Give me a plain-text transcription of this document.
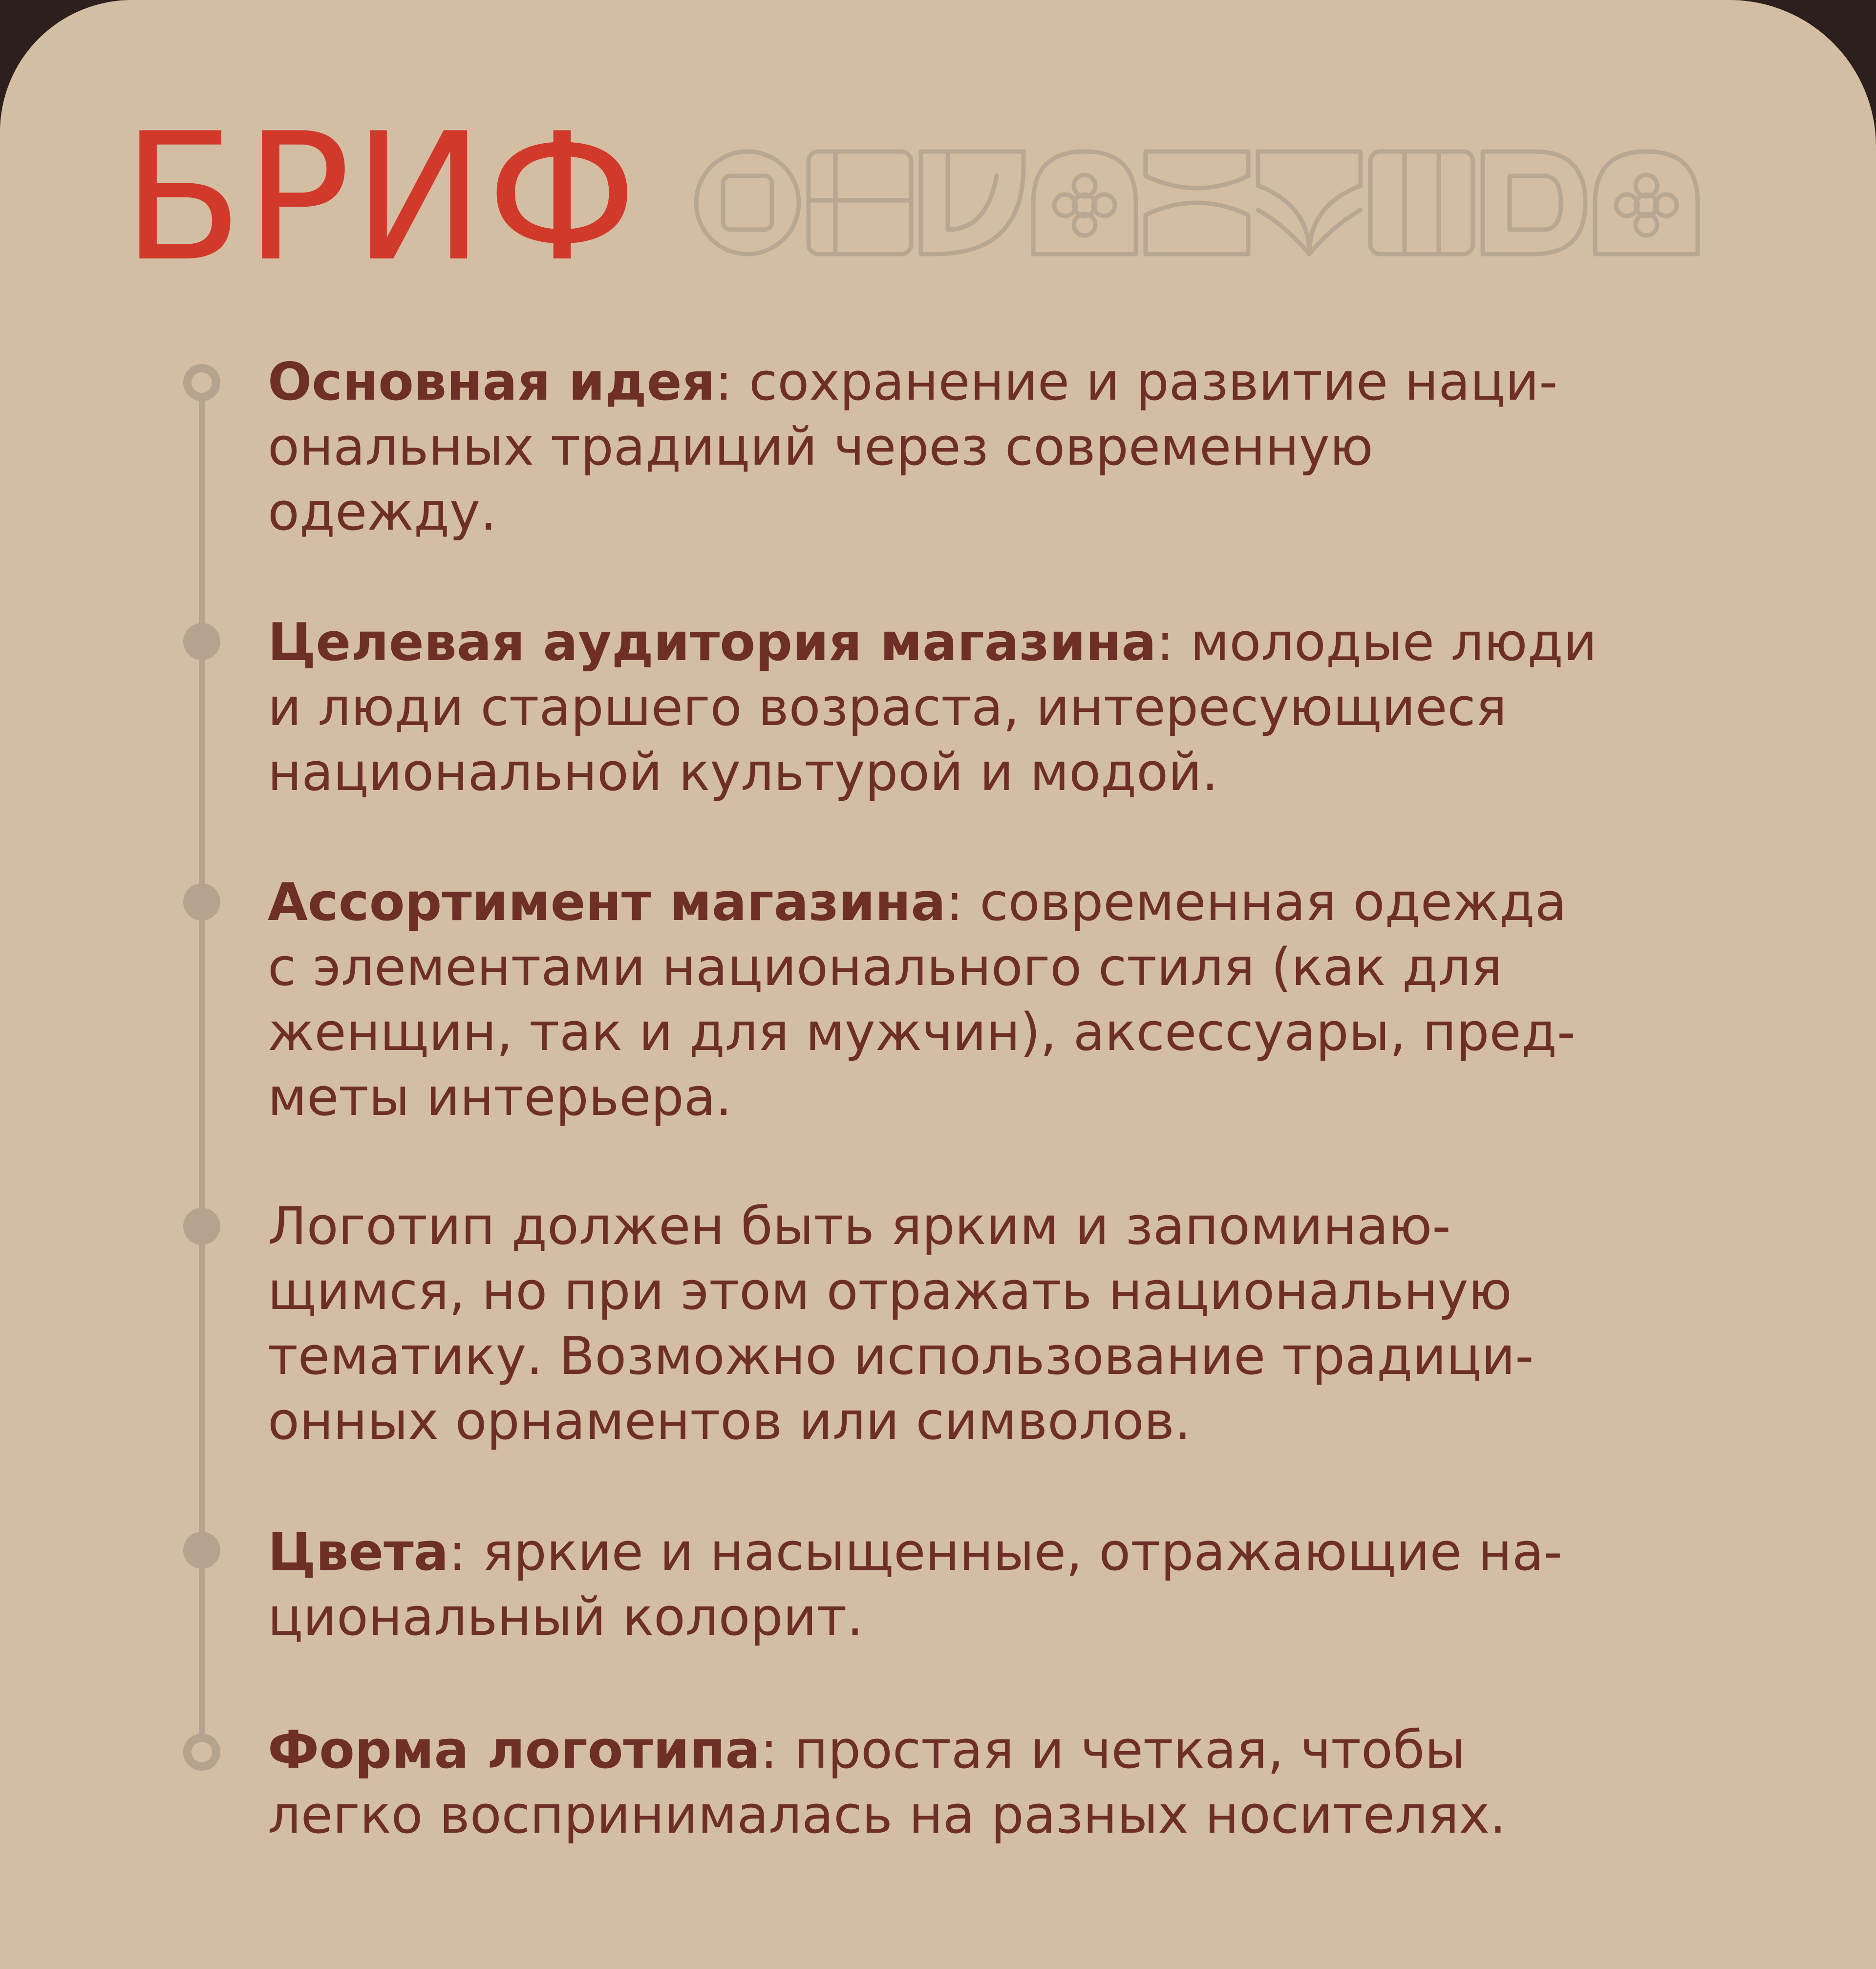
БРИФ

Основная идея: сохранение и развитие наци-

ональных традиций через современную

одежду.

Целевая аудитория магазина: молодые люди

и люди старшего возраста, интересующиеся

национальной культурой и модой.

Ассортимент магазина: современная одежда

с элементами национального стиля (как для

женщин, так и для мужчин), аксессуары, пред-

меты интерьера.

Логотип должен быть ярким и запоминаю-

щимся, но при этом отражать национальную

тематику. Возможно использование традици-

онных орнаментов или символов.

Цвета: яркие и насыщенные, отражающие на-

циональный колорит.

Форма логотипа: простая и четкая, чтобы

легко воспринималась на разных носителях.
